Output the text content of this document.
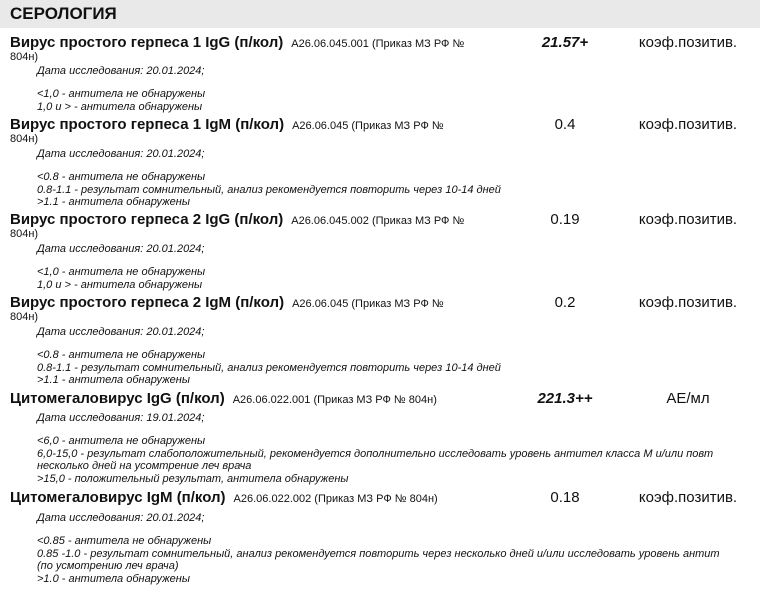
СЕРОЛОГИЯ
Вирус простого герпеса 1 IgG (п/кол) A26.06.045.001 (Приказ МЗ РФ №
804н)
21.57+	коэф.позитив.
Дата исследования: 20.01.2024;
<1,0 - антитела не обнаружены
1,0 и > - антитела обнаружены
Вирус простого герпеса 1 IgM (п/кол) A26.06.045 (Приказ МЗ РФ №
804н)
0.4	коэф.позитив.
Дата исследования: 20.01.2024;
<0.8 - антитела не обнаружены
0.8-1.1 - результат сомнительный, анализ рекомендуется повторить через 10-14 дней
>1.1 - антитела обнаружены
Вирус простого герпеса 2 IgG (п/кол) A26.06.045.002 (Приказ МЗ РФ №
804н)
0.19	коэф.позитив.
Дата исследования: 20.01.2024;
<1,0 - антитела не обнаружены
1,0 и > - антитела обнаружены
Вирус простого герпеса 2 IgM (п/кол) A26.06.045 (Приказ МЗ РФ №
804н)
0.2	коэф.позитив.
Дата исследования: 20.01.2024;
<0.8 - антитела не обнаружены
0.8-1.1 - результат сомнительный, анализ рекомендуется повторить через 10-14 дней
>1.1 - антитела обнаружены
Цитомегаловирус IgG (п/кол) A26.06.022.001 (Приказ МЗ РФ № 804н)	221.3++	АЕ/мл
Дата исследования: 19.01.2024;
<6,0 - антитела не обнаружены
6,0-15,0 - результат слабоположительный, рекомендуется дополнительно исследовать уровень антител класса М и/или повт
несколько дней на усомтрение леч врача
>15,0 - положительный результат, антитела обнаружены
Цитомегаловирус IgM (п/кол) A26.06.022.002 (Приказ МЗ РФ № 804н)	0.18	коэф.позитив.
Дата исследования: 20.01.2024;
<0.85 - антитела не обнаружены
0.85 -1.0 - результат сомнительный, анализ рекомендуется повторить через несколько дней и/или исследовать уровень антит
(по усмотрению леч врача)
>1.0 - антитела обнаружены
